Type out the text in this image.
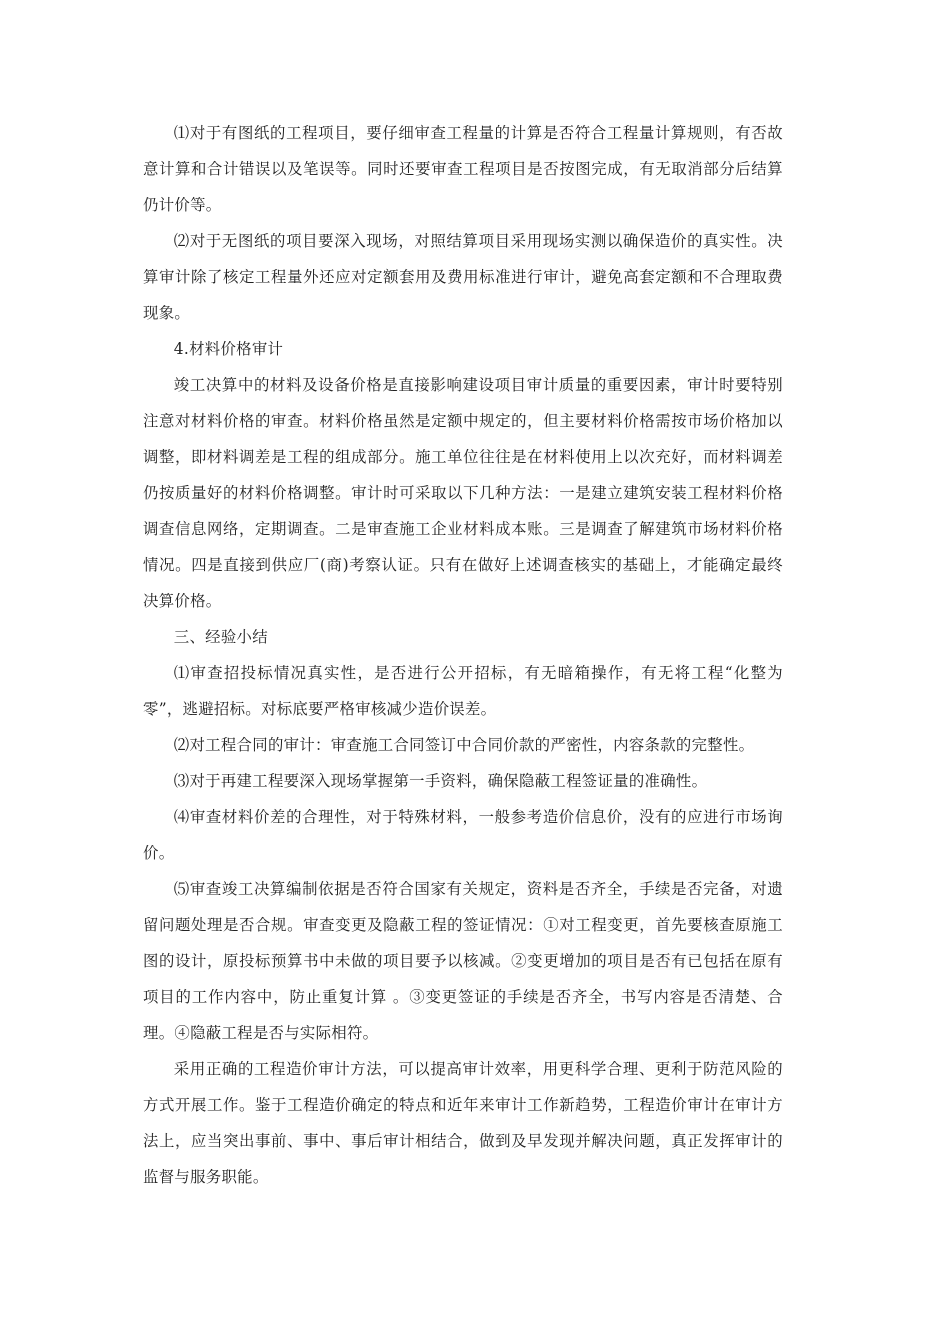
⑴对于有图纸的工程项目，要仔细审查工程量的计算是否符合工程量计算规则，有否故意计算和合计错误以及笔误等。同时还要审查工程项目是否按图完成，有无取消部分后结算仍计价等。

⑵对于无图纸的项目要深入现场，对照结算项目采用现场实测以确保造价的真实性。决算审计除了核定工程量外还应对定额套用及费用标准进行审计，避免高套定额和不合理取费现象。

4.材料价格审计

竣工决算中的材料及设备价格是直接影响建设项目审计质量的重要因素，审计时要特别注意对材料价格的审查。材料价格虽然是定额中规定的，但主要材料价格需按市场价格加以调整，即材料调差是工程的组成部分。施工单位往往是在材料使用上以次充好，而材料调差仍按质量好的材料价格调整。审计时可采取以下几种方法：一是建立建筑安装工程材料价格调查信息网络，定期调查。二是审查施工企业材料成本账。三是调查了解建筑市场材料价格情况。四是直接到供应厂(商)考察认证。只有在做好上述调查核实的基础上，才能确定最终决算价格。

三、经验小结

⑴审查招投标情况真实性，是否进行公开招标，有无暗箱操作，有无将工程“化整为零”，逃避招标。对标底要严格审核减少造价误差。

⑵对工程合同的审计：审查施工合同签订中合同价款的严密性，内容条款的完整性。

⑶对于再建工程要深入现场掌握第一手资料，确保隐蔽工程签证量的准确性。

⑷审查材料价差的合理性，对于特殊材料，一般参考造价信息价，没有的应进行市场询价。

⑸审查竣工决算编制依据是否符合国家有关规定，资料是否齐全，手续是否完备，对遗留问题处理是否合规。审查变更及隐蔽工程的签证情况：①对工程变更，首先要核查原施工图的设计，原投标预算书中未做的项目要予以核减。②变更增加的项目是否有已包括在原有项目的工作内容中，防止重复计算 。③变更签证的手续是否齐全，书写内容是否清楚、合理。④隐蔽工程是否与实际相符。

采用正确的工程造价审计方法，可以提高审计效率，用更科学合理、更利于防范风险的方式开展工作。鉴于工程造价确定的特点和近年来审计工作新趋势，工程造价审计在审计方法上，应当突出事前、事中、事后审计相结合，做到及早发现并解决问题，真正发挥审计的监督与服务职能。
